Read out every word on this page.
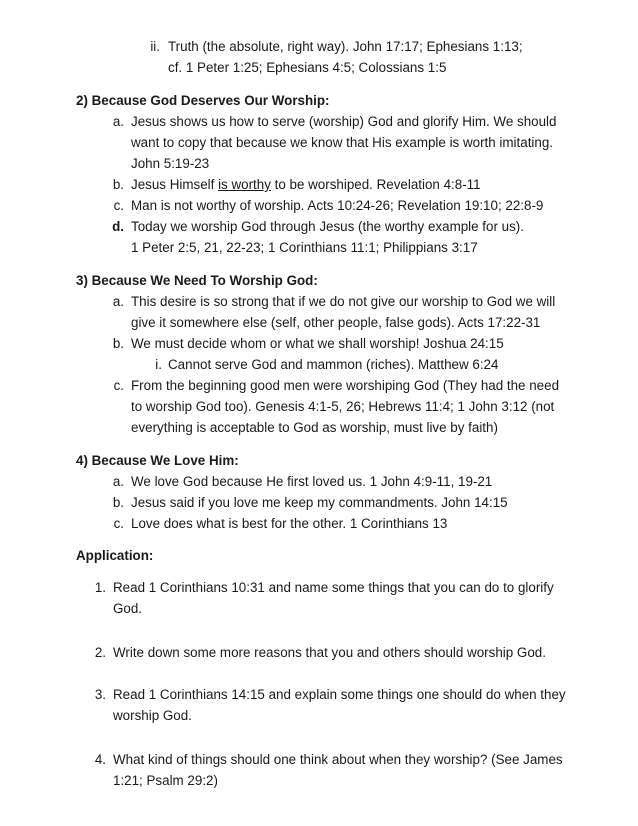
ii. Truth (the absolute, right way). John 17:17; Ephesians 1:13;
cf. 1 Peter 1:25; Ephesians 4:5; Colossians 1:5
2) Because God Deserves Our Worship:
a. Jesus shows us how to serve (worship) God and glorify Him. We should
want to copy that because we know that His example is worth imitating.
John 5:19-23
b. Jesus Himself is worthy to be worshiped. Revelation 4:8-11
c. Man is not worthy of worship. Acts 10:24-26; Revelation 19:10; 22:8-9
d. Today we worship God through Jesus (the worthy example for us).
1 Peter 2:5, 21, 22-23; 1 Corinthians 11:1; Philippians 3:17
3) Because We Need To Worship God:
a. This desire is so strong that if we do not give our worship to God we will
give it somewhere else (self, other people, false gods). Acts 17:22-31
b. We must decide whom or what we shall worship! Joshua 24:15
i. Cannot serve God and mammon (riches). Matthew 6:24
c. From the beginning good men were worshiping God (They had the need
to worship God too). Genesis 4:1-5, 26; Hebrews 11:4; 1 John 3:12 (not
everything is acceptable to God as worship, must live by faith)
4) Because We Love Him:
a. We love God because He first loved us. 1 John 4:9-11, 19-21
b. Jesus said if you love me keep my commandments. John 14:15
c. Love does what is best for the other. 1 Corinthians 13
Application:
1. Read 1 Corinthians 10:31 and name some things that you can do to glorify
God.
2. Write down some more reasons that you and others should worship God.
3. Read 1 Corinthians 14:15 and explain some things one should do when they
worship God.
4. What kind of things should one think about when they worship? (See James
1:21; Psalm 29:2)
